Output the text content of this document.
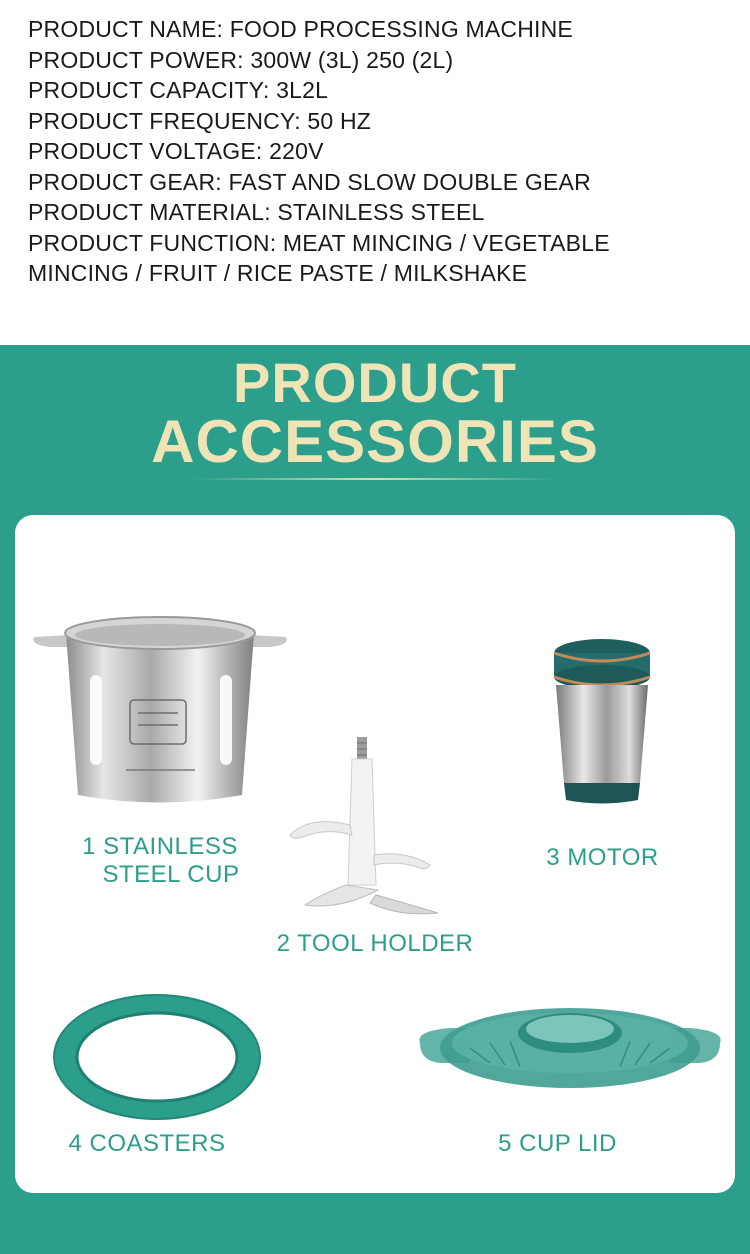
PRODUCT NAME: FOOD PROCESSING MACHINE
PRODUCT POWER: 300W (3L) 250 (2L)
PRODUCT CAPACITY: 3L2L
PRODUCT FREQUENCY: 50 HZ
PRODUCT VOLTAGE: 220V
PRODUCT GEAR: FAST AND SLOW DOUBLE GEAR
PRODUCT MATERIAL: STAINLESS STEEL
PRODUCT FUNCTION: MEAT MINCING / VEGETABLE
MINCING / FRUIT / RICE PASTE / MILKSHAKE
PRODUCT
ACCESSORIES
1 STAINLESS
STEEL CUP
2 TOOL HOLDER
3 MOTOR
4 COASTERS	5 CUP LID
